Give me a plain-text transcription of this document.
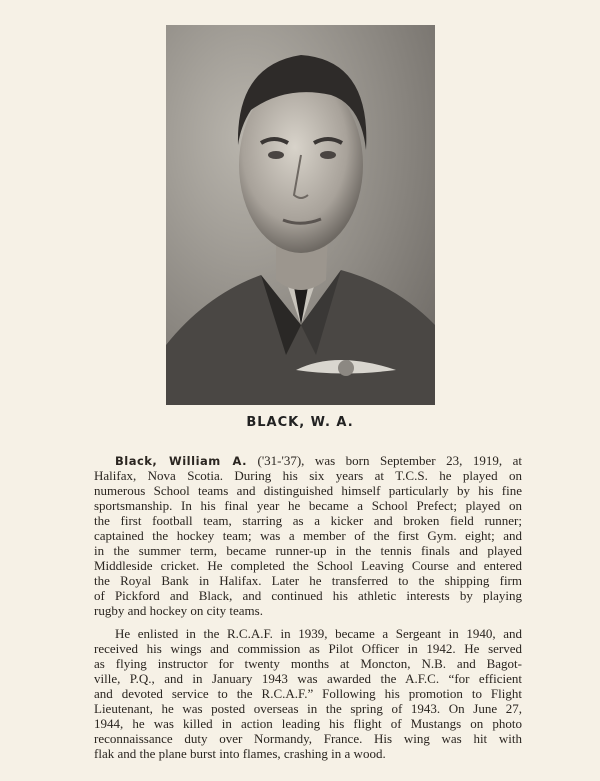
BLACK, W. A.
Black, William A. ('31-'37), was born September 23, 1919, at
Halifax, Nova Scotia. During his six years at T.C.S. he played on
numerous School teams and distinguished himself particularly by his fine
sportsmanship. In his final year he became a School Prefect; played on
the first football team, starring as a kicker and broken field runner;
captained the hockey team; was a member of the first Gym. eight; and
in the summer term, became runner-up in the tennis finals and played
Middleside cricket. He completed the School Leaving Course and entered
the Royal Bank in Halifax. Later he transferred to the shipping firm
of Pickford and Black, and continued his athletic interests by playing
rugby and hockey on city teams.
He enlisted in the R.C.A.F. in 1939, became a Sergeant in 1940, and
received his wings and commission as Pilot Officer in 1942. He served
as flying instructor for twenty months at Moncton, N.B. and Bagot-
ville, P.Q., and in January 1943 was awarded the A.F.C. “for efficient
and devoted service to the R.C.A.F.” Following his promotion to Flight
Lieutenant, he was posted overseas in the spring of 1943. On June 27,
1944, he was killed in action leading his flight of Mustangs on photo
reconnaissance duty over Normandy, France. His wing was hit with
flak and the plane burst into flames, crashing in a wood.
